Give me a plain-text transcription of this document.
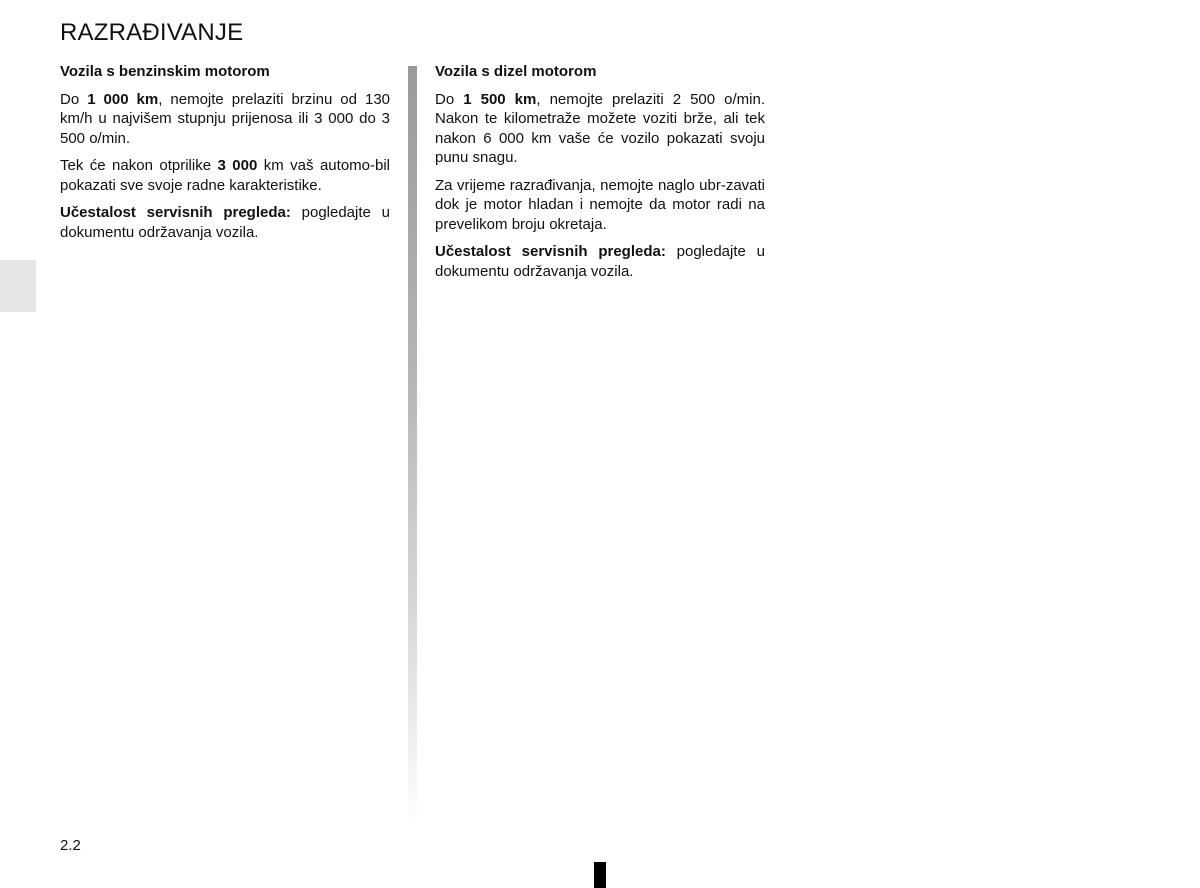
RAZRAĐIVANJE
Vozila s benzinskim motorom

Do 1 000 km, nemojte prelaziti brzinu od 130 km/h u najvišem stupnju prijenosa ili 3 000 do 3 500 o/min.

Tek će nakon otprilike 3 000 km vaš automo-bil pokazati sve svoje radne karakteristike.

Učestalost servisnih pregleda: pogledajte u dokumentu održavanja vozila.

Vozila s dizel motorom

Do 1 500 km, nemojte prelaziti 2 500 o/min. Nakon te kilometraže možete voziti brže, ali tek nakon 6 000 km vaše će vozilo pokazati svoju punu snagu.

Za vrijeme razrađivanja, nemojte naglo ubr-zavati dok je motor hladan i nemojte da motor radi na prevelikom broju okretaja.

Učestalost servisnih pregleda: pogledajte u dokumentu održavanja vozila.

2.2
